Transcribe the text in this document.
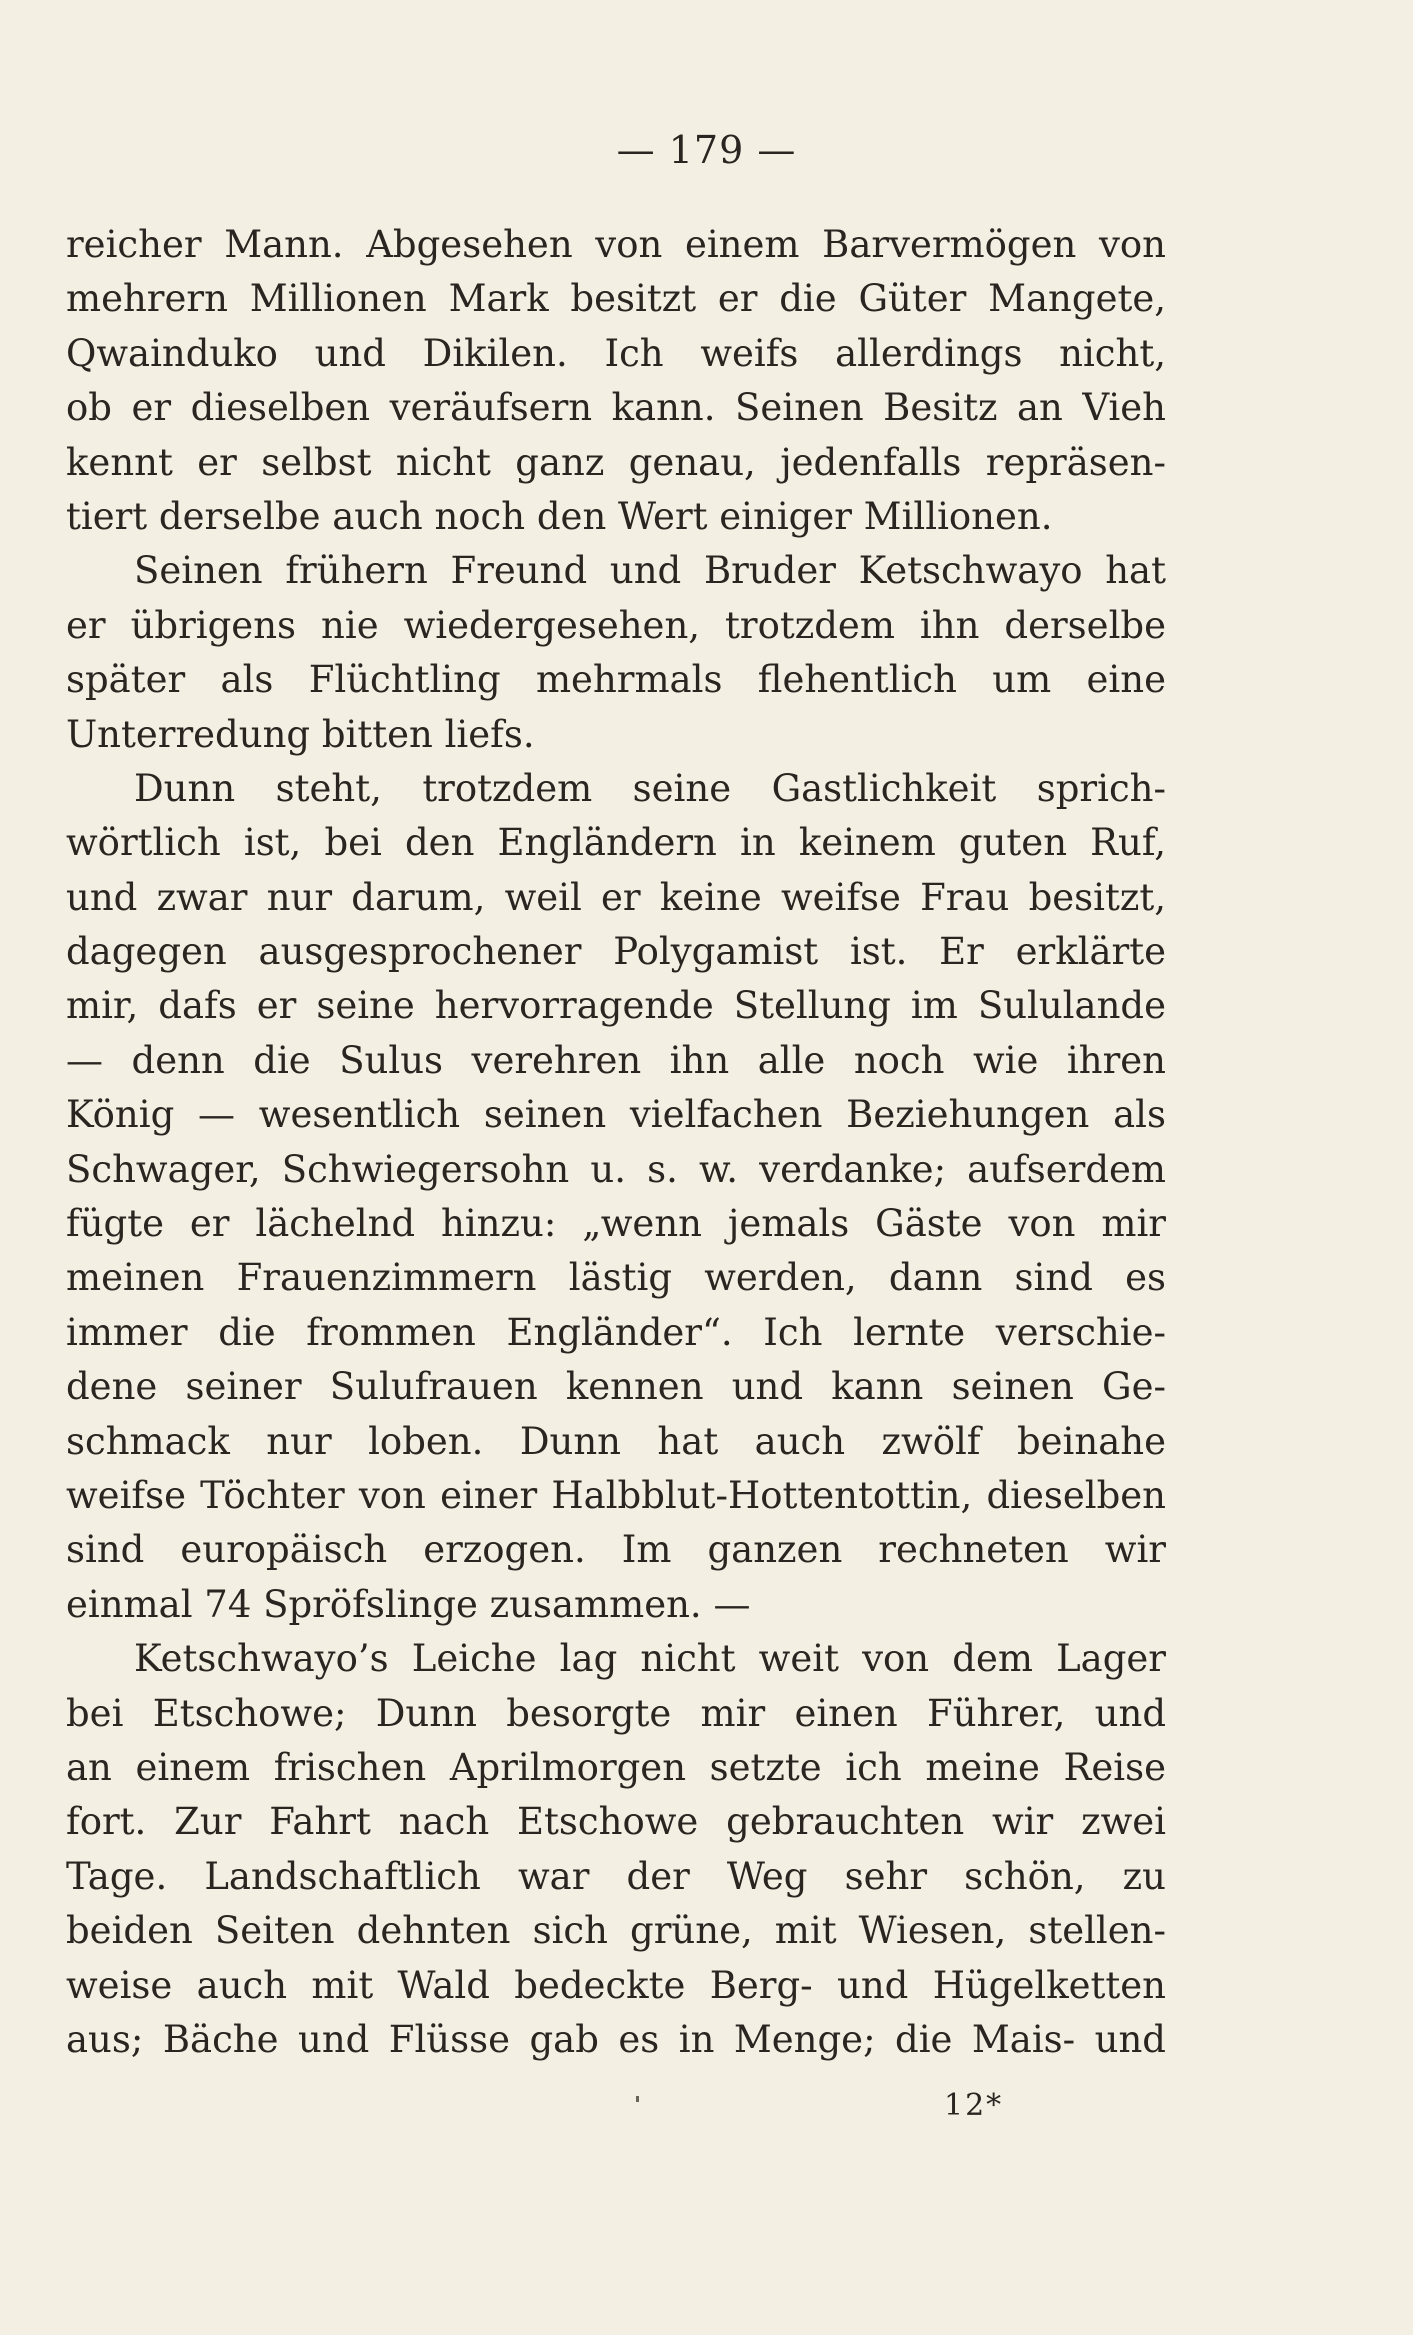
— 179 —
reicher Mann. Abgesehen von einem Barvermögen von
mehrern Millionen Mark besitzt er die Güter Mangete,
Qwainduko und Dikilen. Ich weifs allerdings nicht,
ob er dieselben veräufsern kann. Seinen Besitz an Vieh
kennt er selbst nicht ganz genau, jedenfalls repräsen-
tiert derselbe auch noch den Wert einiger Millionen.
Seinen frühern Freund und Bruder Ketschwayo hat
er übrigens nie wiedergesehen, trotzdem ihn derselbe
später als Flüchtling mehrmals flehentlich um eine
Unterredung bitten liefs.
Dunn steht, trotzdem seine Gastlichkeit sprich-
wörtlich ist, bei den Engländern in keinem guten Ruf,
und zwar nur darum, weil er keine weifse Frau besitzt,
dagegen ausgesprochener Polygamist ist. Er erklärte
mir, dafs er seine hervorragende Stellung im Sululande
— denn die Sulus verehren ihn alle noch wie ihren
König — wesentlich seinen vielfachen Beziehungen als
Schwager, Schwiegersohn u. s. w. verdanke; aufserdem
fügte er lächelnd hinzu: „wenn jemals Gäste von mir
meinen Frauenzimmern lästig werden, dann sind es
immer die frommen Engländer“. Ich lernte verschie-
dene seiner Sulufrauen kennen und kann seinen Ge-
schmack nur loben. Dunn hat auch zwölf beinahe
weifse Töchter von einer Halbblut-Hottentottin, dieselben
sind europäisch erzogen. Im ganzen rechneten wir
einmal 74 Spröfslinge zusammen. —
Ketschwayo’s Leiche lag nicht weit von dem Lager
bei Etschowe; Dunn besorgte mir einen Führer, und
an einem frischen Aprilmorgen setzte ich meine Reise
fort. Zur Fahrt nach Etschowe gebrauchten wir zwei
Tage. Landschaftlich war der Weg sehr schön, zu
beiden Seiten dehnten sich grüne, mit Wiesen, stellen-
weise auch mit Wald bedeckte Berg- und Hügelketten
aus; Bäche und Flüsse gab es in Menge; die Mais- und
12*
